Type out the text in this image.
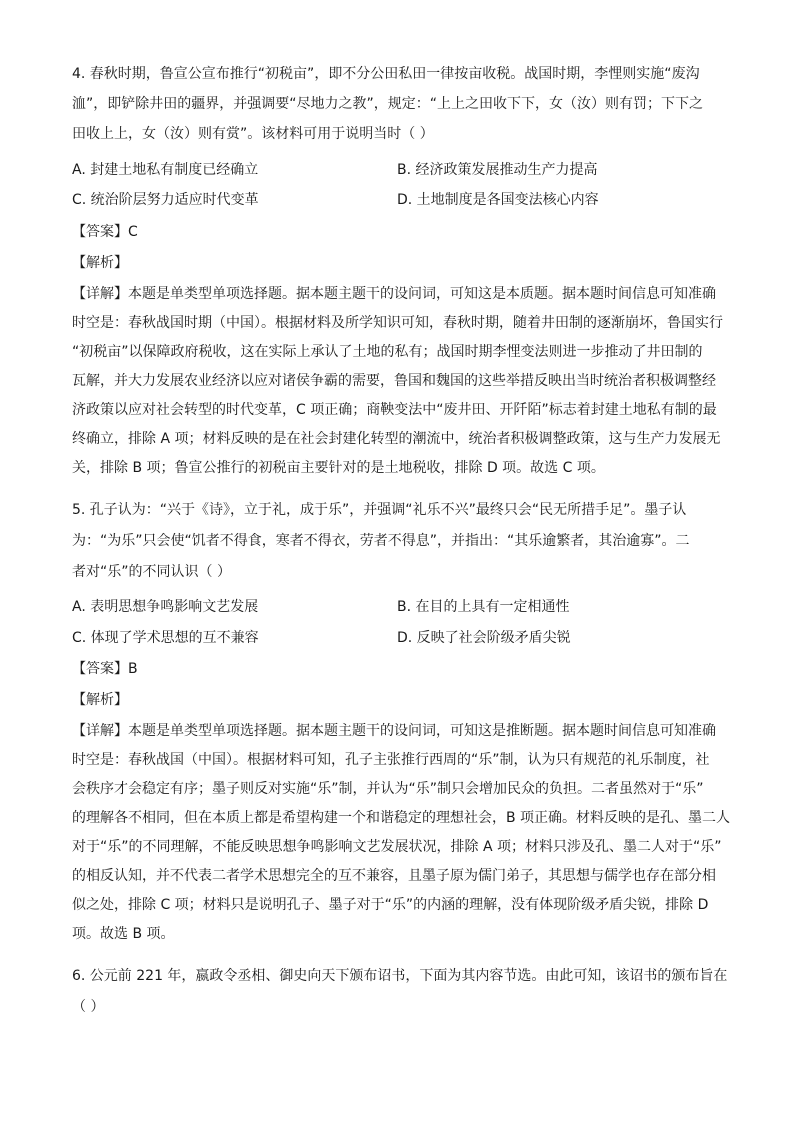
4. 春秋时期，鲁宣公宣布推行“初税亩”，即不分公田私田一律按亩收税。战国时期，李悝则实施“废沟
洫”，即铲除井田的疆界，并强调要“尽地力之教”，规定：“上上之田收下下，女（汝）则有罚；下下之
田收上上，女（汝）则有赏”。该材料可用于说明当时（ ）
A. 封建土地私有制度已经确立	B. 经济政策发展推动生产力提高
C. 统治阶层努力适应时代变革	D. 土地制度是各国变法核心内容
【答案】C
【解析】
【详解】本题是单类型单项选择题。据本题主题干的设问词，可知这是本质题。据本题时间信息可知准确
时空是：春秋战国时期（中国）。根据材料及所学知识可知，春秋时期，随着井田制的逐渐崩坏，鲁国实行
“初税亩”以保障政府税收，这在实际上承认了土地的私有；战国时期李悝变法则进一步推动了井田制的
瓦解，并大力发展农业经济以应对诸侯争霸的需要，鲁国和魏国的这些举措反映出当时统治者积极调整经
济政策以应对社会转型的时代变革，C 项正确；商鞅变法中“废井田、开阡陌”标志着封建土地私有制的最
终确立，排除 A 项；材料反映的是在社会封建化转型的潮流中，统治者积极调整政策，这与生产力发展无
关，排除 B 项；鲁宣公推行的初税亩主要针对的是土地税收，排除 D 项。故选 C 项。
5. 孔子认为：“兴于《诗》，立于礼，成于乐”，并强调“礼乐不兴”最终只会“民无所措手足”。墨子认
为：“为乐”只会使“饥者不得食，寒者不得衣，劳者不得息”，并指出：“其乐逾繁者，其治逾寡”。二
者对“乐”的不同认识（ ）
A. 表明思想争鸣影响文艺发展	B. 在目的上具有一定相通性
C. 体现了学术思想的互不兼容	D. 反映了社会阶级矛盾尖锐
【答案】B
【解析】
【详解】本题是单类型单项选择题。据本题主题干的设问词，可知这是推断题。据本题时间信息可知准确
时空是：春秋战国（中国）。根据材料可知，孔子主张推行西周的“乐”制，认为只有规范的礼乐制度，社
会秩序才会稳定有序；墨子则反对实施“乐”制，并认为“乐”制只会增加民众的负担。二者虽然对于“乐”
的理解各不相同，但在本质上都是希望构建一个和谐稳定的理想社会，B 项正确。材料反映的是孔、墨二人
对于“乐”的不同理解，不能反映思想争鸣影响文艺发展状况，排除 A 项；材料只涉及孔、墨二人对于“乐”
的相反认知，并不代表二者学术思想完全的互不兼容，且墨子原为儒门弟子，其思想与儒学也存在部分相
似之处，排除 C 项；材料只是说明孔子、墨子对于“乐”的内涵的理解，没有体现阶级矛盾尖锐，排除 D
项。故选 B 项。
6. 公元前 221 年，嬴政令丞相、御史向天下颁布诏书，下面为其内容节选。由此可知，该诏书的颁布旨在
（ ）
